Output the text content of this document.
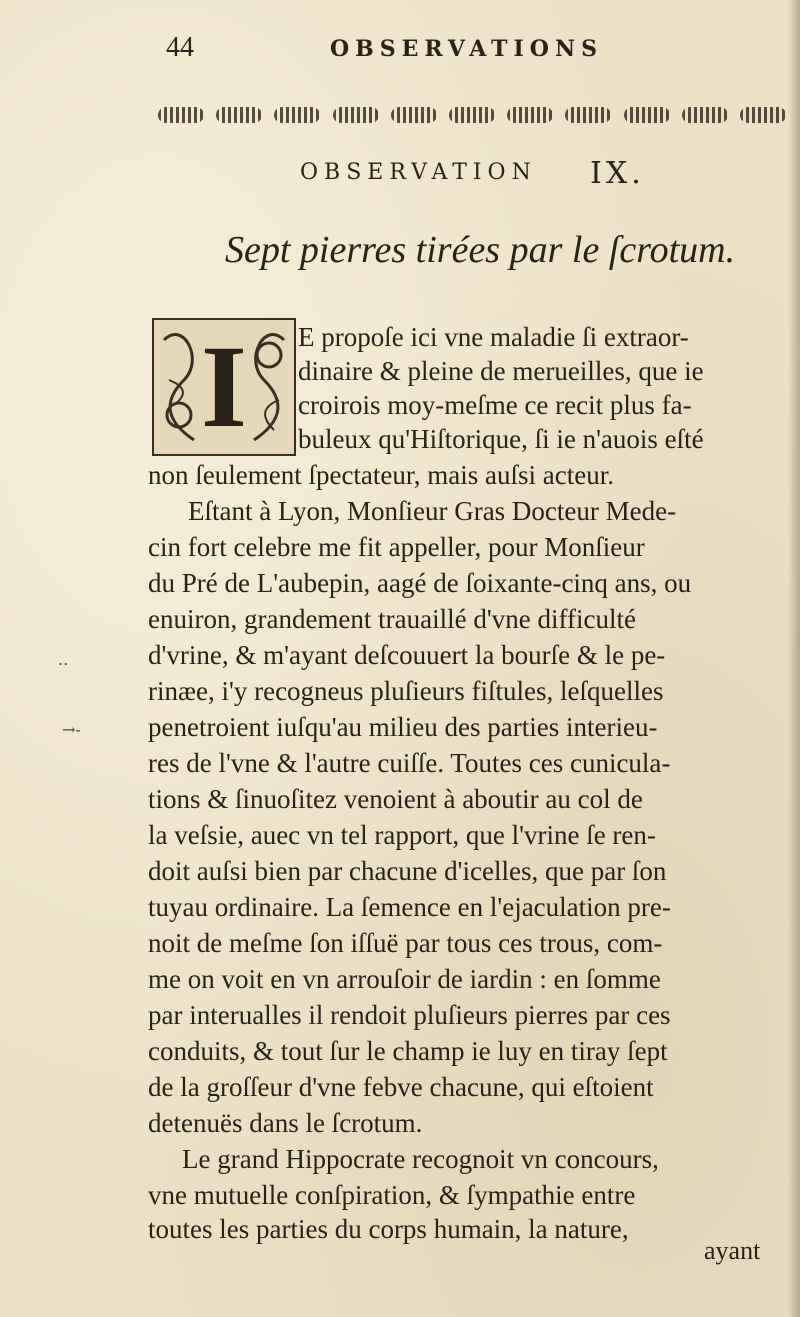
44	OBSERVATIONS
OBSERVATION IX.
Sept pierres tirées par le ſcrotum.
I	E propoſe ici vne maladie ſi extraor-
dinaire & pleine de merueilles, que ie
croirois moy-meſme ce recit plus fa-
buleux qu'Hiſtorique, ſi ie n'auois eſté
non ſeulement ſpectateur, mais auſsi acteur.
Eſtant à Lyon, Monſieur Gras Docteur Mede-
cin fort celebre me fit appeller, pour Monſieur
du Pré de L'aubepin, aagé de ſoixante-cinq ans, ou
enuiron, grandement trauaillé d'vne difficulté
d'vrine, & m'ayant deſcouuert la bourſe & le pe-
rinæe, i'y recogneus pluſieurs fiſtules, leſquelles
penetroient iuſqu'au milieu des parties interieu-
res de l'vne & l'autre cuiſſe. Toutes ces cunicula-
tions & ſinuoſitez venoient à aboutir au col de
la veſsie, auec vn tel rapport, que l'vrine ſe ren-
doit auſsi bien par chacune d'icelles, que par ſon
tuyau ordinaire. La ſemence en l'ejaculation pre-
noit de meſme ſon iſſuë par tous ces trous, com-
me on voit en vn arrouſoir de iardin : en ſomme
par interualles il rendoit pluſieurs pierres par ces
conduits, & tout ſur le champ ie luy en tiray ſept
de la groſſeur d'vne febve chacune, qui eſtoient
detenuës dans le ſcrotum.
Le grand Hippocrate recognoit vn concours,
vne mutuelle conſpiration, & ſympathie entre
toutes les parties du corps humain, la nature,
ayant
→-
..
